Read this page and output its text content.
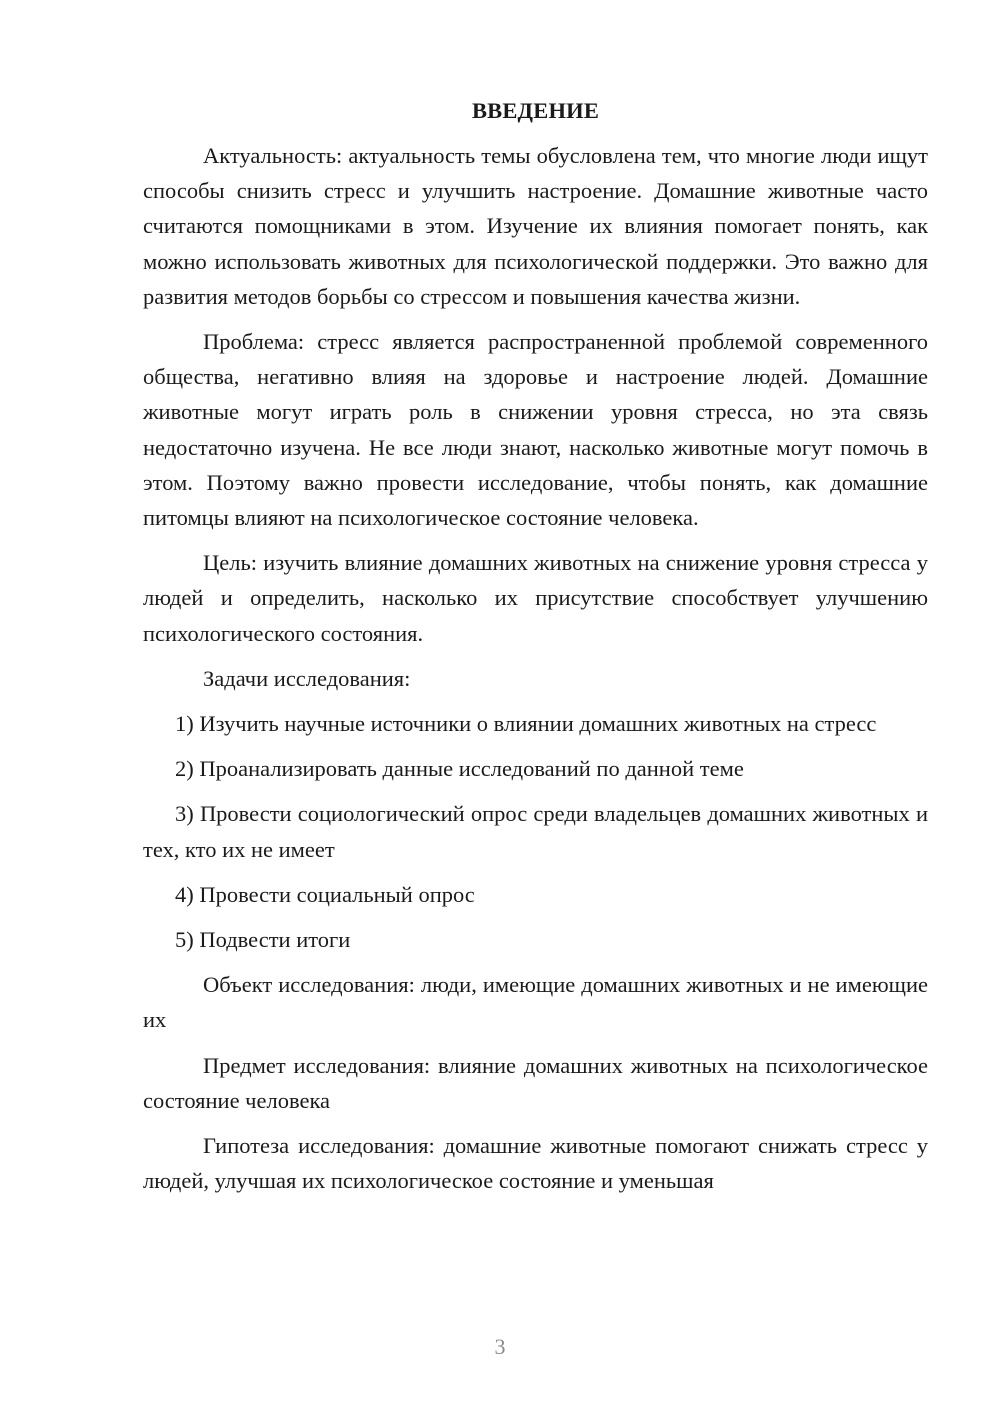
ВВЕДЕНИЕ

Актуальность: актуальность темы обусловлена тем, что многие люди ищут способы снизить стресс и улучшить настроение. Домашние животные часто считаются помощниками в этом. Изучение их влияния помогает понять, как можно использовать животных для психологической поддержки. Это важно для развития методов борьбы со стрессом и повышения качества жизни.

Проблема: стресс является распространенной проблемой современного общества, негативно влияя на здоровье и настроение людей. Домашние животные могут играть роль в снижении уровня стресса, но эта связь недостаточно изучена. Не все люди знают, насколько животные могут помочь в этом. Поэтому важно провести исследование, чтобы понять, как домашние питомцы влияют на психологическое состояние человека.

Цель: изучить влияние домашних животных на снижение уровня стресса у людей и определить, насколько их присутствие способствует улучшению психологического состояния.

Задачи исследования:

1) Изучить научные источники о влиянии домашних животных на стресс

2) Проанализировать данные исследований по данной теме

3) Провести социологический опрос среди владельцев домашних животных и тех, кто их не имеет

4) Провести социальный опрос

5) Подвести итоги

Объект исследования: люди, имеющие домашних животных и не имеющие их

Предмет исследования: влияние домашних животных на психологическое состояние человека

Гипотеза исследования: домашние животные помогают снижать стресс у людей, улучшая их психологическое состояние и уменьшая

3
